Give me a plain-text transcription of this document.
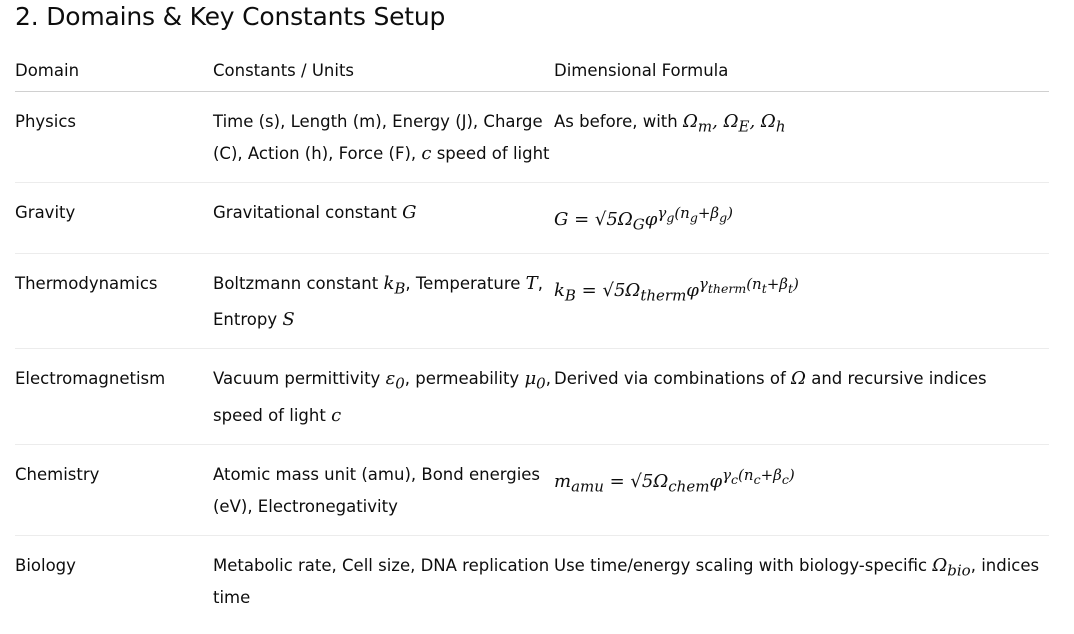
2. Domains & Key Constants Setup
Domain	Constants / Units	Dimensional Formula
Physics	Time (s), Length (m), Energy (J), Charge (C), Action (h), Force (F), c speed of light	As before, with $\Omega_m$, $\Omega_E$, $\Omega_h$
Gravity	Gravitational constant G	$G = √5\Omega_G\varphi^{\gamma_g(n_g+\beta_g)}$
Thermodynamics	Boltzmann constant $k_B$, Temperature T, Entropy S	$k_B = √5\Omega_{therm}\varphi^{\gamma_{therm}(n_t+\beta_t)}$
Electromagnetism	Vacuum permittivity $\varepsilon_0$, permeability $\mu_0$, speed of light c	Derived via combinations of Ω and recursive indices
Chemistry	Atomic mass unit (amu), Bond energies (eV), Electronegativity	$m_{amu} = √5\Omega_{chem}\varphi^{\gamma_c(n_c+\beta_c)}$
Biology	Metabolic rate, Cell size, DNA replication time	Use time/energy scaling with biology-specific $\Omega_{bio}$, indices
